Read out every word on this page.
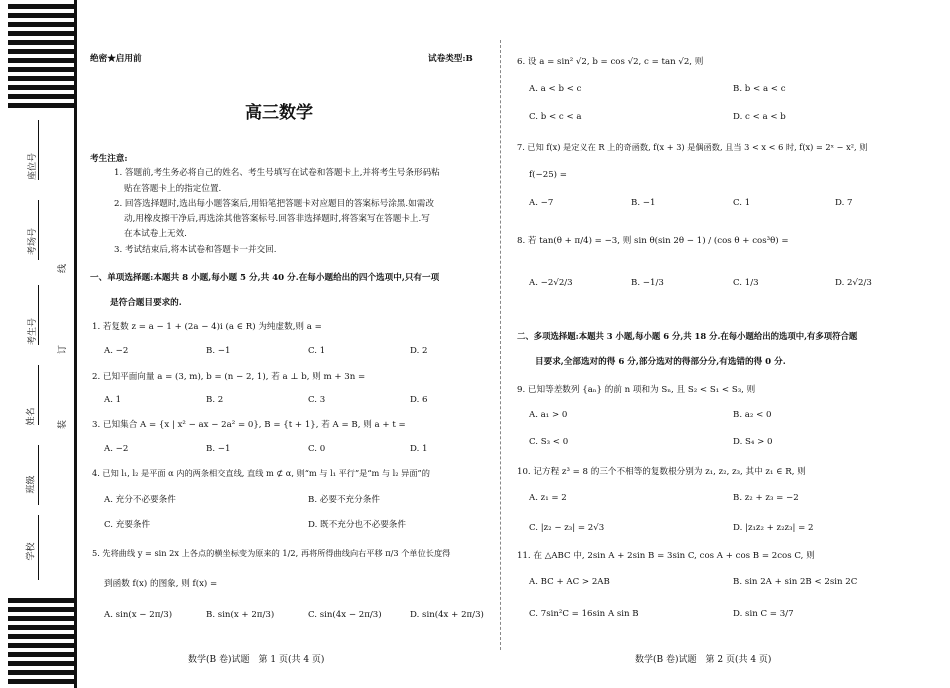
座位号
考场号
线
考生号
订
姓名	装
班级
学校
绝密★启用前	试卷类型:B
高三数学
考生注意:
1. 答题前,考生务必将自己的姓名、考生号填写在试卷和答题卡上,并将考生号条形码粘
贴在答题卡上的指定位置.
2. 回答选择题时,选出每小题答案后,用铅笔把答题卡对应题目的答案标号涂黑.如需改
动,用橡皮擦干净后,再选涂其他答案标号.回答非选择题时,将答案写在答题卡上.写
在本试卷上无效.
3. 考试结束后,将本试卷和答题卡一并交回.
一、单项选择题:本题共 8 小题,每小题 5 分,共 40 分.在每小题给出的四个选项中,只有一项
是符合题目要求的.
1. 若复数 z = a − 1 + (2a − 4)i (a ∈ R) 为纯虚数,则 a =
A. −2	B. −1	C. 1	D. 2
2. 已知平面向量 a = (3, m), b = (n − 2, 1), 若 a ⊥ b, 则 m + 3n =
A. 1	B. 2	C. 3	D. 6
3. 已知集合 A = {x | x² − ax − 2a² = 0}, B = {t + 1}, 若 A = B, 则 a + t =
A. −2	B. −1	C. 0	D. 1
4. 已知 l₁, l₂ 是平面 α 内的两条相交直线, 直线 m ⊄ α, 则“m 与 l₁ 平行”是“m 与 l₂ 异面”的
A. 充分不必要条件	B. 必要不充分条件
C. 充要条件	D. 既不充分也不必要条件
5. 先将曲线 y = sin 2x 上各点的横坐标变为原来的 1/2, 再将所得曲线向右平移 π/3 个单位长度得
到函数 f(x) 的图象, 则 f(x) =
A. sin(x − 2π/3)	B. sin(x + 2π/3)	C. sin(4x − 2π/3)	D. sin(4x + 2π/3)
数学(B 卷)试题　第 1 页(共 4 页)
6. 设 a = sin² √2, b = cos √2, c = tan √2, 则
A. a < b < c	B. b < a < c
C. b < c < a	D. c < a < b
7. 已知 f(x) 是定义在 R 上的奇函数, f(x + 3) 是偶函数, 且当 3 < x < 6 时, f(x) = 2ˣ − x², 则
f(−25) =
A. −7	B. −1	C. 1	D. 7
8. 若 tan(θ + π/4) = −3, 则 sin θ(sin 2θ − 1) / (cos θ + cos³θ) =
A. −2√2/3	B. −1/3	C. 1/3	D. 2√2/3
二、多项选择题:本题共 3 小题,每小题 6 分,共 18 分.在每小题给出的选项中,有多项符合题
目要求,全部选对的得 6 分,部分选对的得部分分,有选错的得 0 分.
9. 已知等差数列 {aₙ} 的前 n 项和为 Sₙ, 且 S₂ < S₁ < S₃, 则
A. a₁ > 0	B. a₂ < 0
C. S₃ < 0	D. S₄ > 0
10. 记方程 z³ = 8 的三个不相等的复数根分别为 z₁, z₂, z₃, 其中 z₁ ∈ R, 则
A. z₁ = 2	B. z₂ + z₃ = −2
C. |z₂ − z₃| = 2√3	D. |z₁z₂ + z₂z₃| = 2
11. 在 △ABC 中, 2sin A + 2sin B = 3sin C, cos A + cos B = 2cos C, 则
A. BC + AC > 2AB	B. sin 2A + sin 2B < 2sin 2C
C. 7sin²C = 16sin A sin B	D. sin C = 3/7
数学(B 卷)试题　第 2 页(共 4 页)
